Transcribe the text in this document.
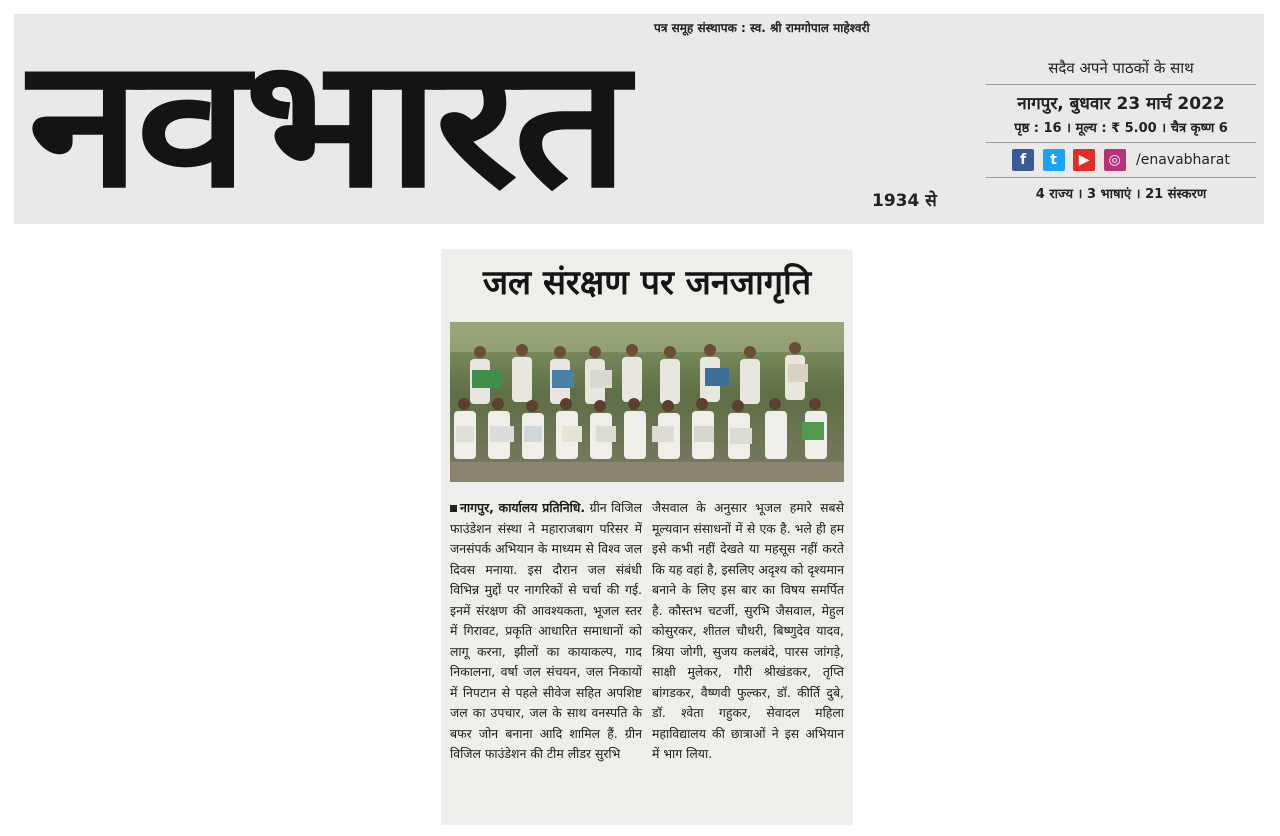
पत्र समूह संस्थापक : स्व. श्री रामगोपाल माहेश्वरी
नवभारत	1934 से
सदैव अपने पाठकों के साथ
नागपुर, बुधवार 23 मार्च 2022
पृष्ठ : 16 । मूल्य : ₹ 5.00 । चैत्र कृष्ण 6
f t ▶ ◎ /enavabharat
4 राज्य । 3 भाषाएं । 21 संस्करण
जल संरक्षण पर जनजागृति

नागपुर, कार्यालय प्रतिनिधि. ग्रीन विजिल फाउंडेशन संस्था ने महाराजबाग परिसर में जनसंपर्क अभियान के माध्यम से विश्व जल दिवस मनाया. इस दौरान जल संबंधी विभिन्न मुद्दों पर नागरिकों से चर्चा की गई. इनमें संरक्षण की आवश्यकता, भूजल स्तर में गिरावट, प्रकृति आधारित समाधानों को लागू करना, झीलों का कायाकल्प, गाद निकालना, वर्षा जल संचयन, जल निकायों में निपटान से पहले सीवेज सहित अपशिष्ट जल का उपचार, जल के साथ वनस्पति के बफर जोन बनाना आदि शामिल हैं. ग्रीन विजिल फाउंडेशन की टीम लीडर सुरभि

जैसवाल के अनुसार भूजल हमारे सबसे मूल्यवान संसाधनों में से एक है. भले ही हम इसे कभी नहीं देखते या महसूस नहीं करते कि यह वहां है, इसलिए अदृश्य को दृश्यमान बनाने के लिए इस बार का विषय समर्पित है. कौस्तभ चटर्जी, सुरभि जैसवाल, मेहुल कोसुरकर, शीतल चौधरी, बिष्णुदेव यादव, श्रिया जोगी, सुजय कलबंदे, पारस जांगड़े, साक्षी मुलेकर, गौरी श्रीखंडकर, तृप्ति बांगडकर, वैष्णवी फुल्कर, डॉ. कीर्ति दुबे, डॉ. श्वेता गहुकर, सेवादल महिला महाविद्यालय की छात्राओं ने इस अभियान में भाग लिया.
